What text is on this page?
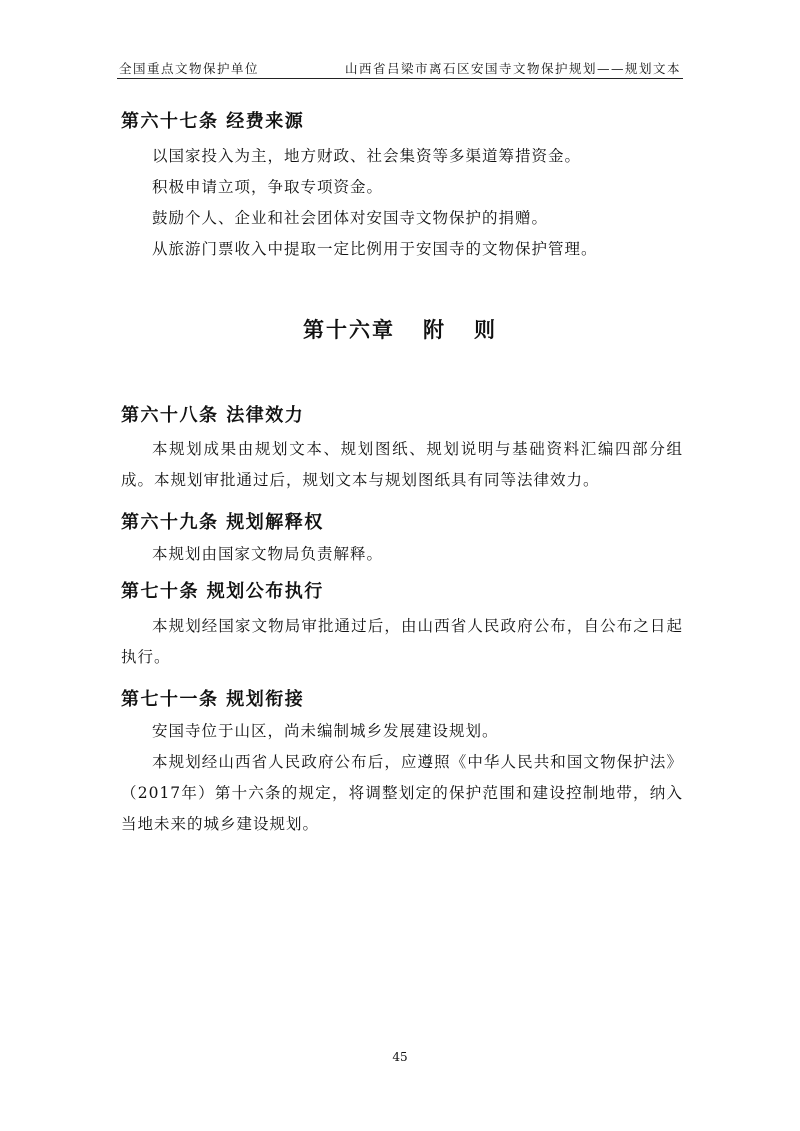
全国重点文物保护单位	山西省吕梁市离石区安国寺文物保护规划——规划文本
第六十七条 经费来源
以国家投入为主，地方财政、社会集资等多渠道筹措资金。
积极申请立项，争取专项资金。
鼓励个人、企业和社会团体对安国寺文物保护的捐赠。
从旅游门票收入中提取一定比例用于安国寺的文物保护管理。
第十六章 附   则
第六十八条 法律效力
本规划成果由规划文本、规划图纸、规划说明与基础资料汇编四部分组成。本规划审批通过后，规划文本与规划图纸具有同等法律效力。
第六十九条 规划解释权
本规划由国家文物局负责解释。
第七十条 规划公布执行
本规划经国家文物局审批通过后，由山西省人民政府公布，自公布之日起执行。
第七十一条 规划衔接
安国寺位于山区，尚未编制城乡发展建设规划。
本规划经山西省人民政府公布后，应遵照《中华人民共和国文物保护法》（2017年）第十六条的规定，将调整划定的保护范围和建设控制地带，纳入当地未来的城乡建设规划。
45
